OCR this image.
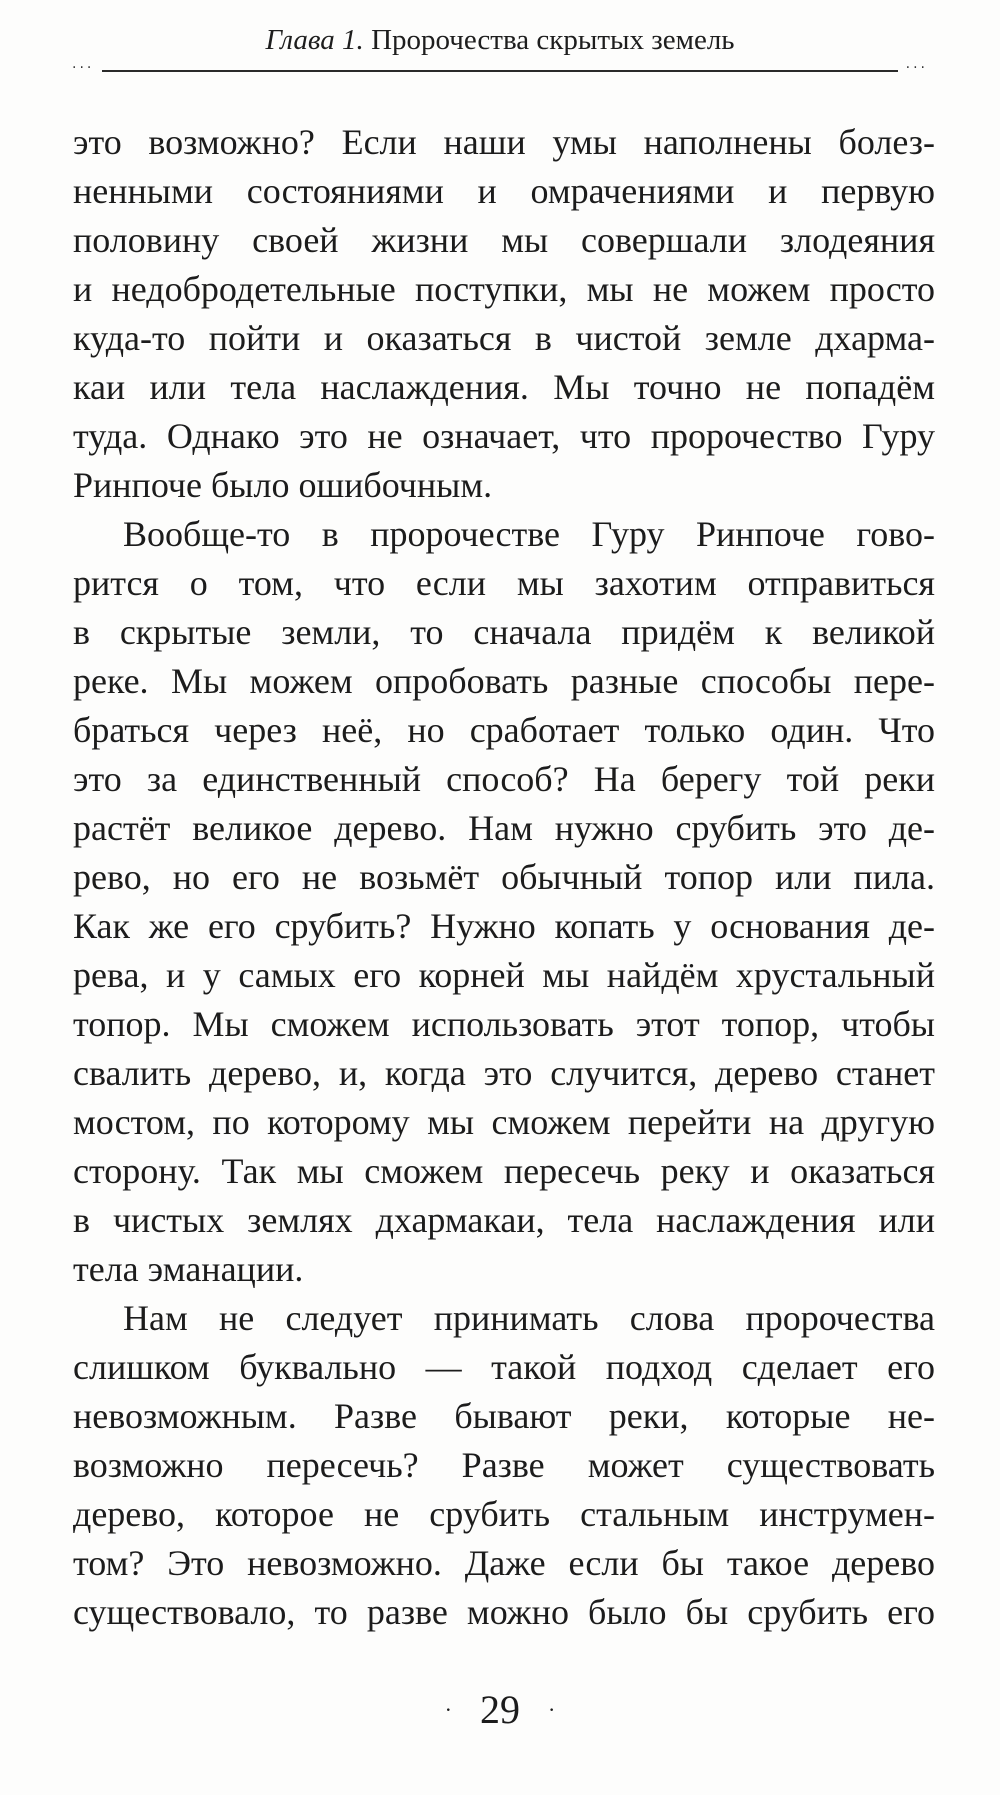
Глава 1. Пророчества скрытых земель
...	...
это возможно? Если наши умы наполнены болез-
ненными состояниями и омрачениями и первую
половину своей жизни мы совершали злодеяния
и недобродетельные поступки, мы не можем просто
куда-то пойти и оказаться в чистой земле дхарма-
каи или тела наслаждения. Мы точно не попадём
туда. Однако это не означает, что пророчество Гуру
Ринпоче было ошибочным.
Вообще-то в пророчестве Гуру Ринпоче гово-
рится о том, что если мы захотим отправиться
в скрытые земли, то сначала придём к великой
реке. Мы можем опробовать разные способы пере-
браться через неё, но сработает только один. Что
это за единственный способ? На берегу той реки
растёт великое дерево. Нам нужно срубить это де-
рево, но его не возьмёт обычный топор или пила.
Как же его срубить? Нужно копать у основания де-
рева, и у самых его корней мы найдём хрустальный
топор. Мы сможем использовать этот топор, чтобы
свалить дерево, и, когда это случится, дерево станет
мостом, по которому мы сможем перейти на другую
сторону. Так мы сможем пересечь реку и оказаться
в чистых землях дхармакаи, тела наслаждения или
тела эманации.
Нам не следует принимать слова пророчества
слишком буквально — такой подход сделает его
невозможным. Разве бывают реки, которые не-
возможно пересечь? Разве может существовать
дерево, которое не срубить стальным инструмен-
том? Это невозможно. Даже если бы такое дерево
существовало, то разве можно было бы срубить его
· 29 ·
